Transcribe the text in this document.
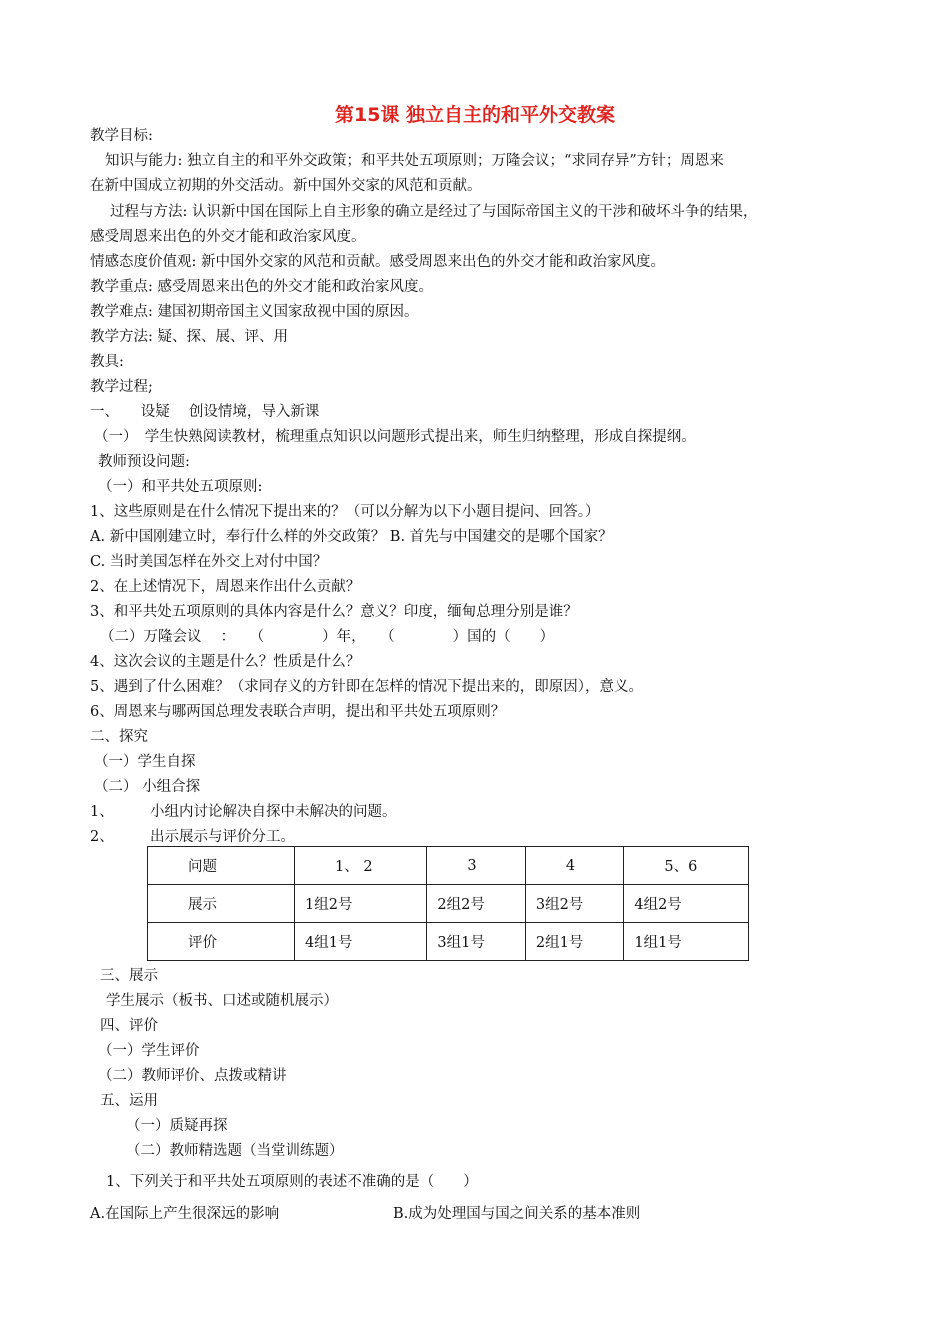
第15课 独立自主的和平外交教案
教学目标:
知识与能力: 独立自主的和平外交政策；和平共处五项原则；万隆会议；“求同存异”方针；周恩来
在新中国成立初期的外交活动。新中国外交家的风范和贡献。
过程与方法: 认识新中国在国际上自主形象的确立是经过了与国际帝国主义的干涉和破坏斗争的结果，
感受周恩来出色的外交才能和政治家风度。
情感态度价值观: 新中国外交家的风范和贡献。感受周恩来出色的外交才能和政治家风度。
教学重点: 感受周恩来出色的外交才能和政治家风度。
教学难点: 建国初期帝国主义国家敌视中国的原因。
教学方法: 疑、探、展、评、用
教具:
教学过程;
一、　　设疑　 创设情境，导入新课
（一）　学生快熟阅读教材，梳理重点知识以问题形式提出来，师生归纳整理，形成自探提纲。
教师预设问题:
（一）和平共处五项原则:
1、这些原则是在什么情况下提出来的？（可以分解为以下小题目提问、回答。）
A. 新中国刚建立时，奉行什么样的外交政策？ B. 首先与中国建交的是哪个国家？
C. 当时美国怎样在外交上对付中国？
2、在上述情况下，周恩来作出什么贡献？
3、和平共处五项原则的具体内容是什么？意义？印度，缅甸总理分别是谁？
（二）万隆会议　 ：　　（　　　　）年，　　（　　　　）国的（　　）
4、这次会议的主题是什么？性质是什么？
5、遇到了什么困难？（求同存义的方针即在怎样的情况下提出来的，即原因），意义。
6、周恩来与哪两国总理发表联合声明，提出和平共处五项原则？
二、探究
（一）学生自探
（二） 小组合探
1、　　　小组内讨论解决自探中未解决的问题。
2、　　　出示展示与评价分工。
问题	1、 2	3	4	5、6
展示	1组2号	2组2号	3组2号	4组2号
评价	4组1号	3组1号	2组1号	1组1号
三、展示
学生展示（板书、口述或随机展示）
四、评价
（一）学生评价
（二）教师评价、点拨或精讲
五、运用
（一）质疑再探
（二）教师精选题（当堂训练题）
1、下列关于和平共处五项原则的表述不准确的是（　　）
A.在国际上产生很深远的影响	B.成为处理国与国之间关系的基本准则
